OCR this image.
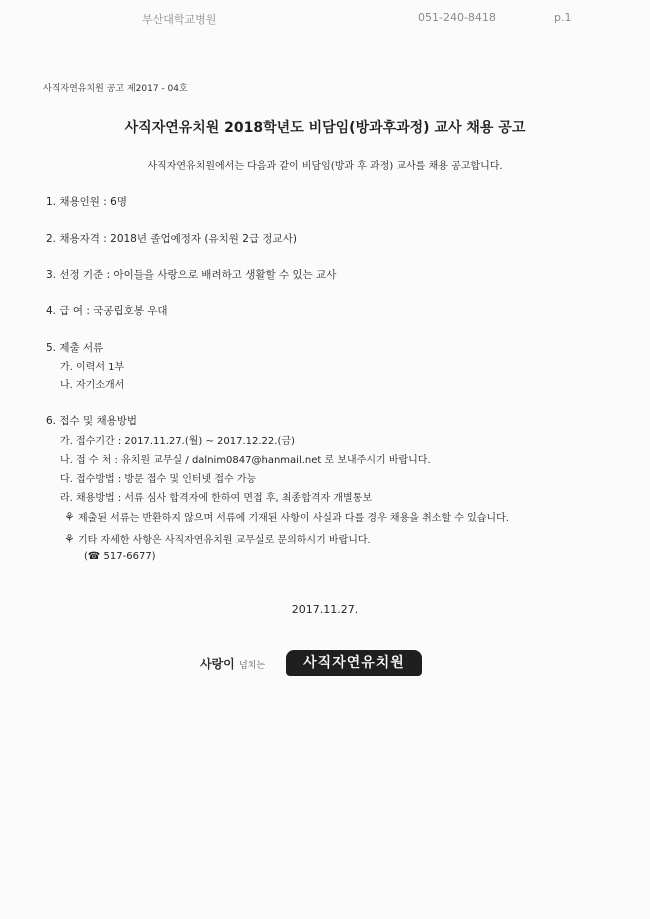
부산대학교병원	051-240-8418	p.1
사직자연유치원 공고 제2017 - 04호
사직자연유치원 2018학년도 비담임(방과후과정) 교사 채용 공고
사직자연유치원에서는 다음과 같이 비담임(방과 후 과정) 교사를 채용 공고합니다.
1. 채용인원 : 6명
2. 채용자격 : 2018년 졸업예정자 (유치원 2급 정교사)
3. 선정 기준 : 아이들을 사랑으로 배려하고 생활할 수 있는 교사
4. 급 여 : 국공립호봉 우대
5. 제출 서류
가. 이력서 1부
나. 자기소개서
6. 접수 및 채용방법
가. 접수기간 : 2017.11.27.(월) ~ 2017.12.22.(금)
나. 접 수 처 : 유치원 교무실 / dalnim0847@hanmail.net 로 보내주시기 바랍니다.
다. 접수방법 : 방문 접수 및 인터넷 접수 가능
라. 채용방법 : 서류 심사 합격자에 한하여 면접 후, 최종합격자 개별통보
⚘ 제출된 서류는 반환하지 않으며 서류에 기재된 사항이 사실과 다를 경우 채용을 취소할 수 있습니다.
⚘ 기타 자세한 사항은 사직자연유치원 교무실로 문의하시기 바랍니다.
(☎ 517-6677)
2017.11.27.
사랑이 넘치는	사직자연유치원
